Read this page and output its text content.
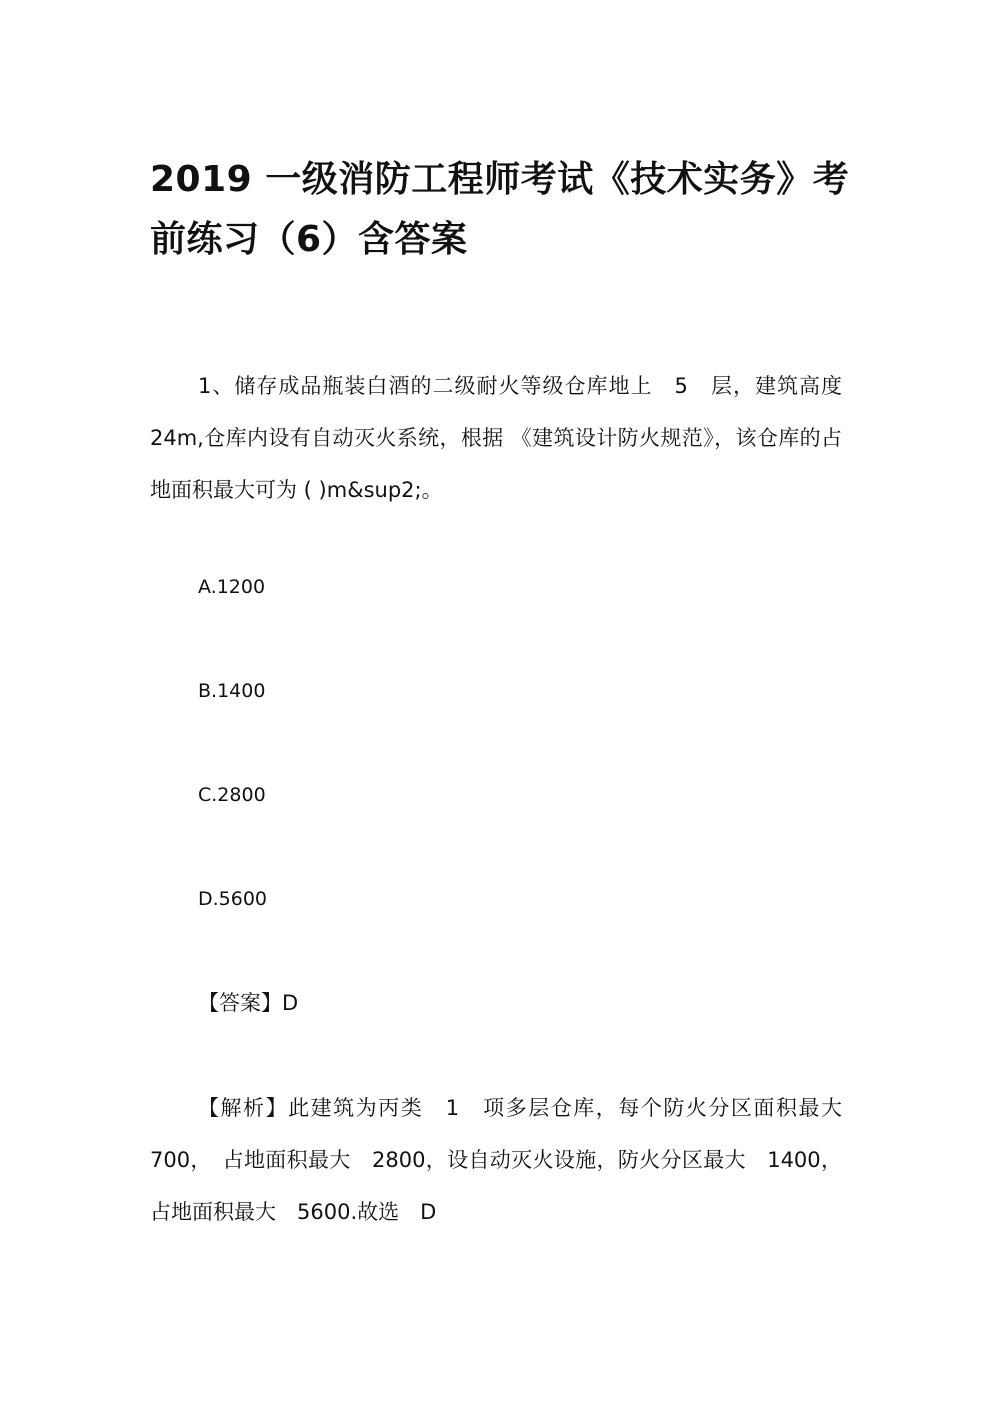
2019 一级消防工程师考试《技术实务》考前练习（6）含答案

1、储存成品瓶装白酒的二级耐火等级仓库地上　5　层，建筑高度　24m,仓库内设有自动灭火系统，根据 《建筑设计防火规范》，该仓库的占地面积最大可为 ( )m&sup2;。

A.1200

B.1400

C.2800

D.5600

【答案】D

【解析】此建筑为丙类　1　项多层仓库，每个防火分区面积最大　700，　占地面积最大　2800，设自动灭火设施，防火分区最大　1400，占地面积最大　5600.故选　D
